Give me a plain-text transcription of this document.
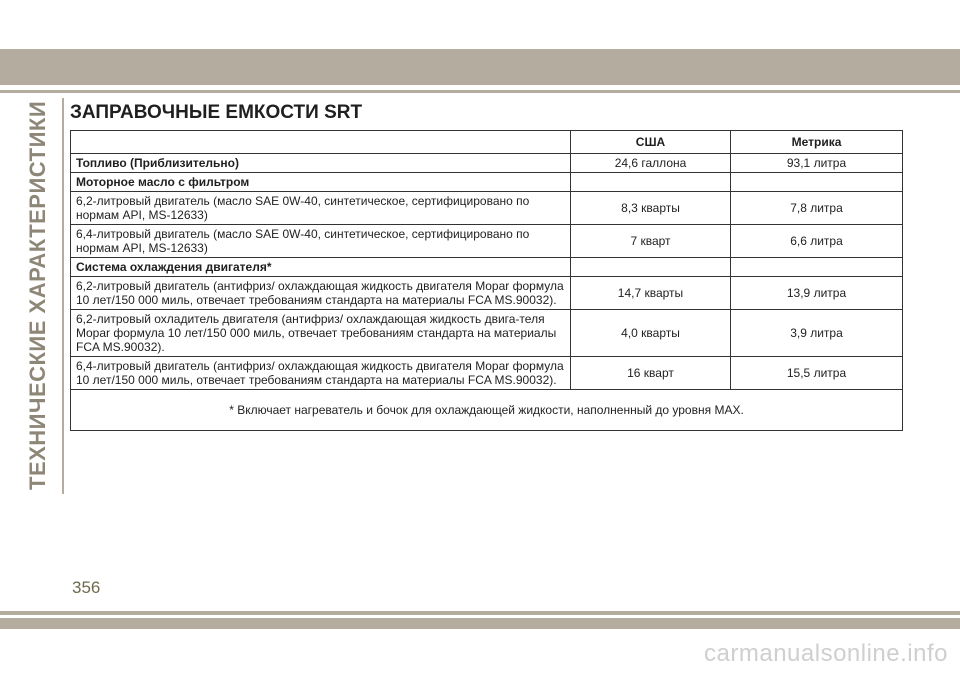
ТЕХНИЧЕСКИЕ ХАРАКТЕРИСТИКИ	ЗАПРАВОЧНЫЕ ЕМКОСТИ SRT
	США	Метрика
Топливо (Приблизительно)	24,6 галлона	93,1 литра
Моторное масло с фильтром		
6,2-литровый двигатель (масло SAE 0W-40, синтетическое, сертифицировано по нормам API, MS-12633)	8,3 кварты	7,8 литра
6,4-литровый двигатель (масло SAE 0W-40, синтетическое, сертифицировано по нормам API, MS-12633)	7 кварт	6,6 литра
Система охлаждения двигателя*		
6,2-литровый двигатель (антифриз/ охлаждающая жидкость двигателя Mopar формула 10 лет/150 000 миль, отвечает требованиям стандарта на материалы FCA MS.90032).	14,7 кварты	13,9 литра
6,2-литровый охладитель двигателя (антифриз/ охлаждающая жидкость двига-теля Mopar формула 10 лет/150 000 миль, отвечает требованиям стандарта на материалы FCA MS.90032).	4,0 кварты	3,9 литра
6,4-литровый двигатель (антифриз/ охлаждающая жидкость двигателя Mopar формула 10 лет/150 000 миль, отвечает требованиям стандарта на материалы FCA MS.90032).	16 кварт	15,5 литра
* Включает нагреватель и бочок для охлаждающей жидкости, наполненный до уровня MAX.		
356
carmanualsonline.info
